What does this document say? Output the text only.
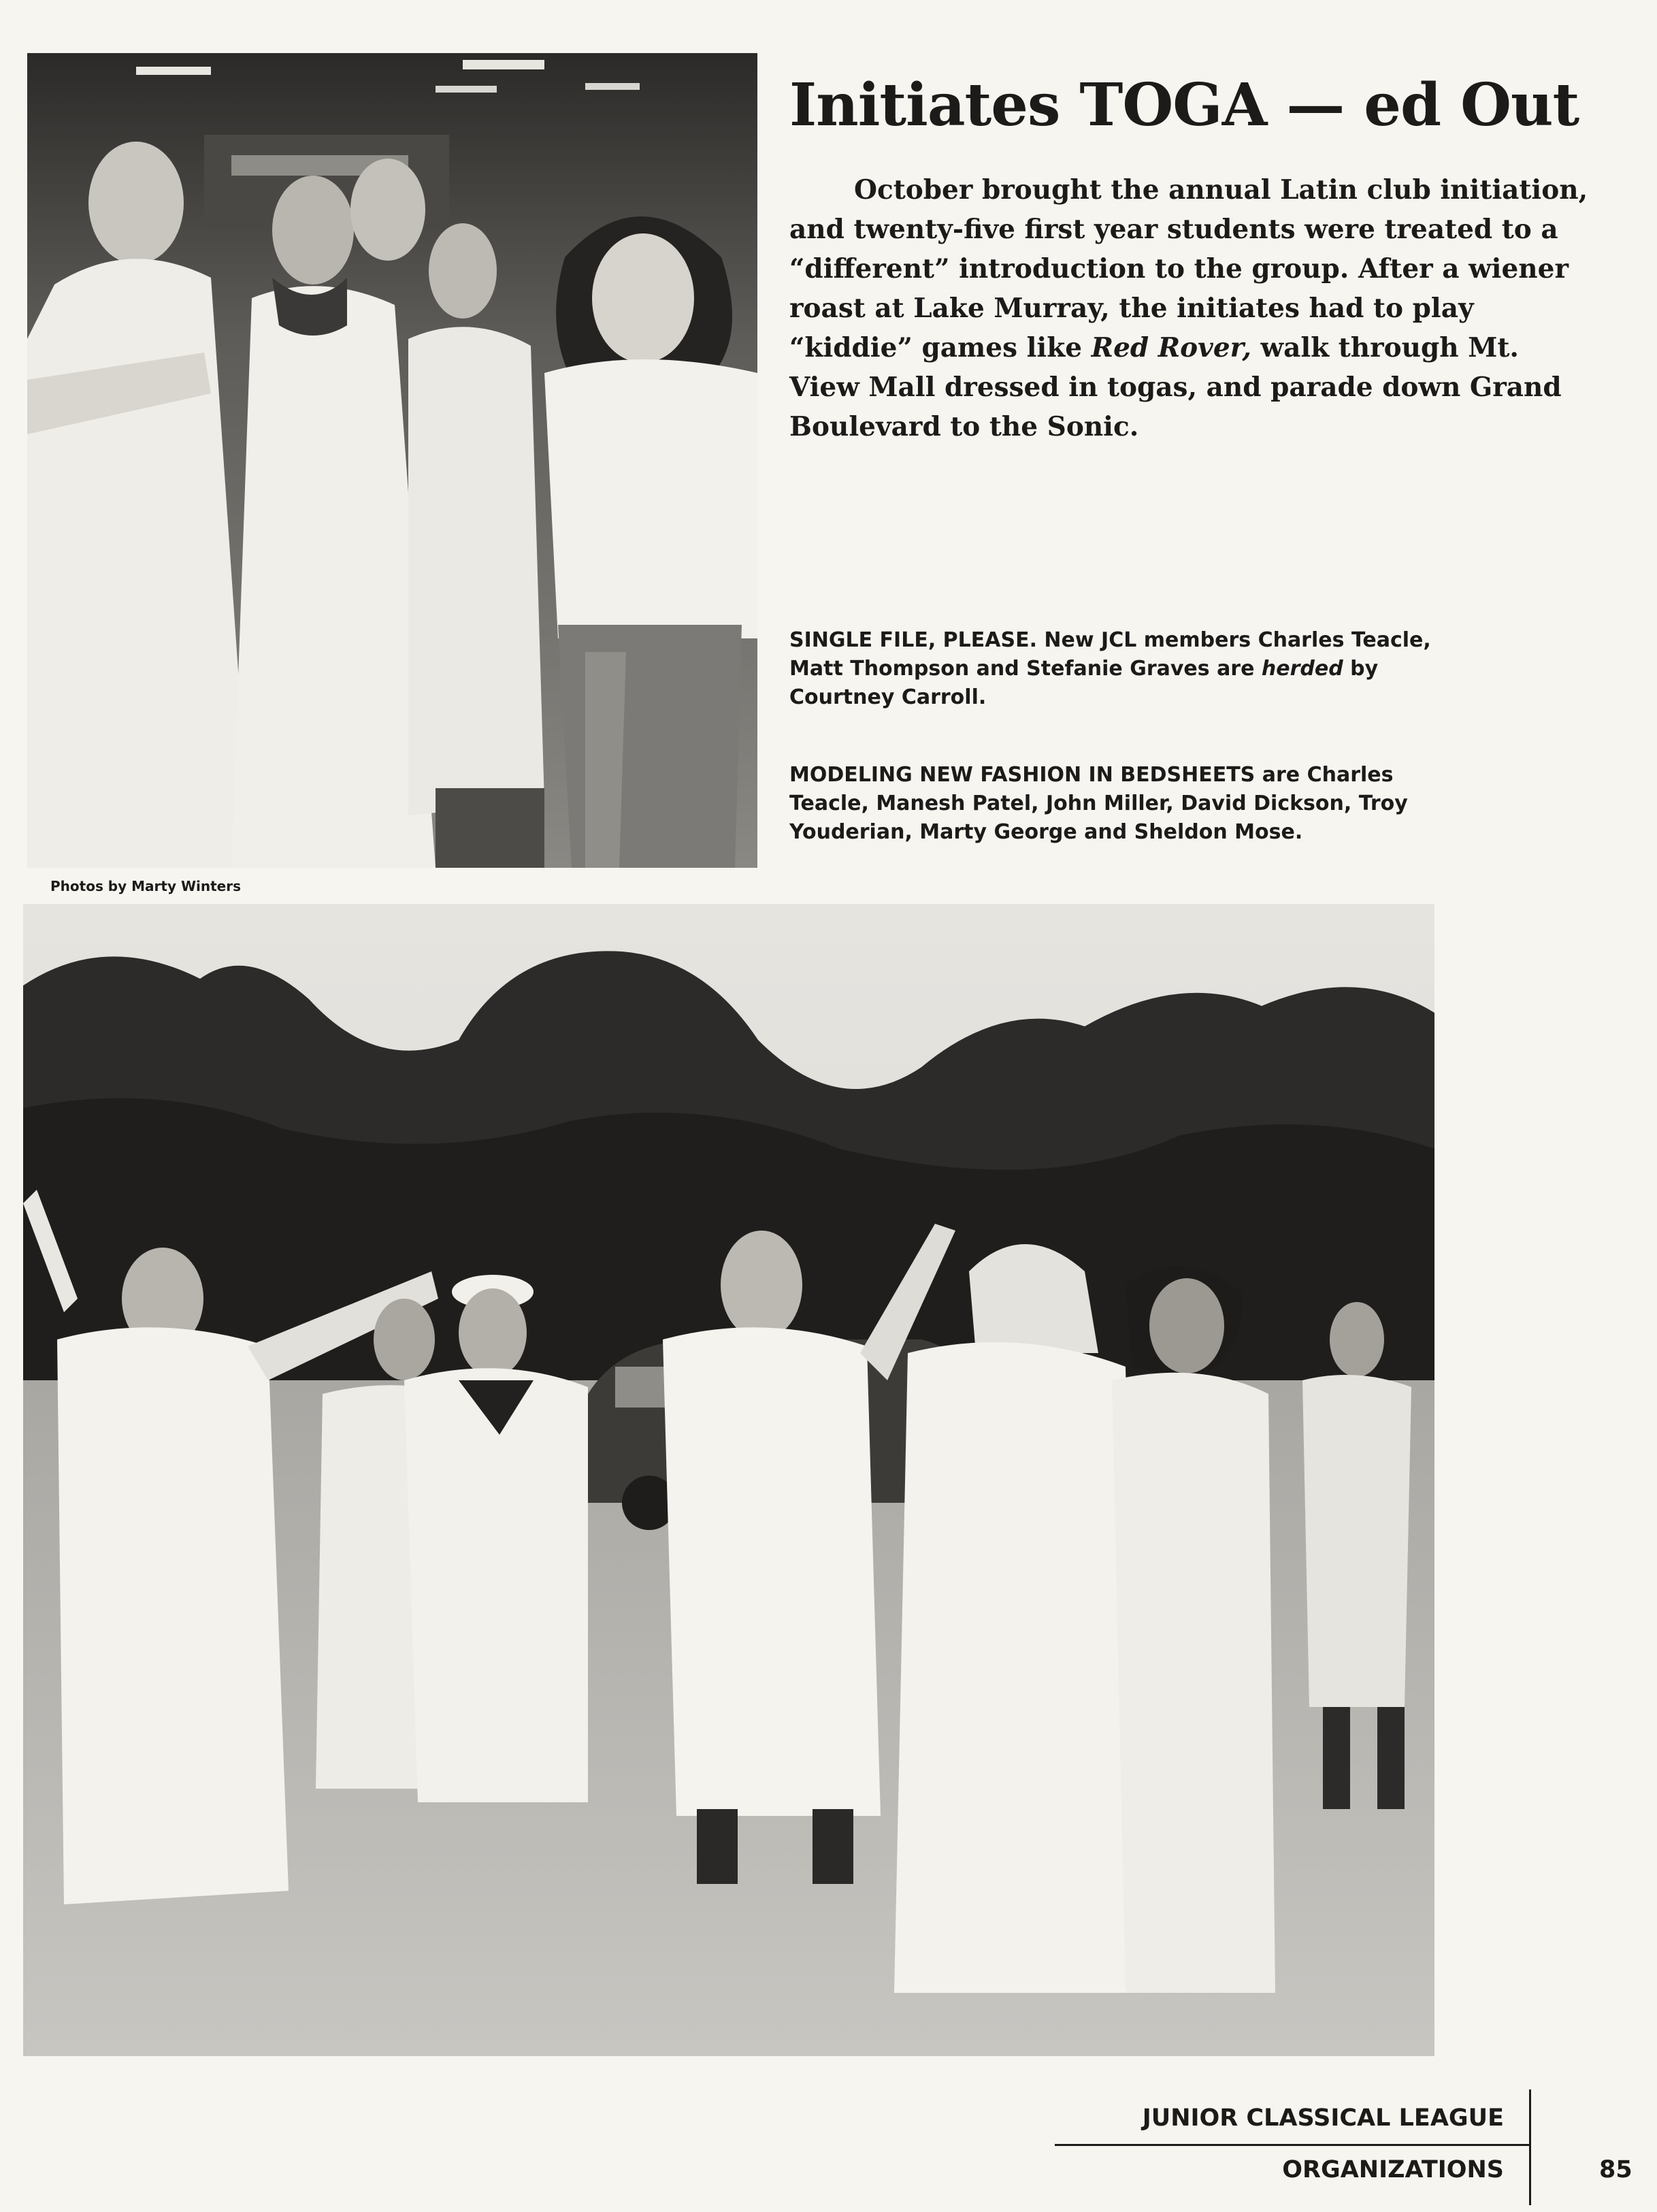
Photos by Marty Winters
Initiates TOGA — ed Out

October brought the annual Latin club initiation, and twenty-five first year students were treated to a “different” introduction to the group. After a wiener roast at Lake Murray, the initiates had to play “kiddie” games like Red Rover, walk through Mt. View Mall dressed in togas, and parade down Grand Boulevard to the Sonic.

SINGLE FILE, PLEASE. New JCL members Charles Teacle, Matt Thompson and Stefanie Graves are herded by Courtney Carroll.

MODELING NEW FASHION IN BEDSHEETS are Charles Teacle, Manesh Patel, John Miller, David Dickson, Troy Youderian, Marty George and Sheldon Mose.

JUNIOR CLASSICAL LEAGUE
ORGANIZATIONS	85
